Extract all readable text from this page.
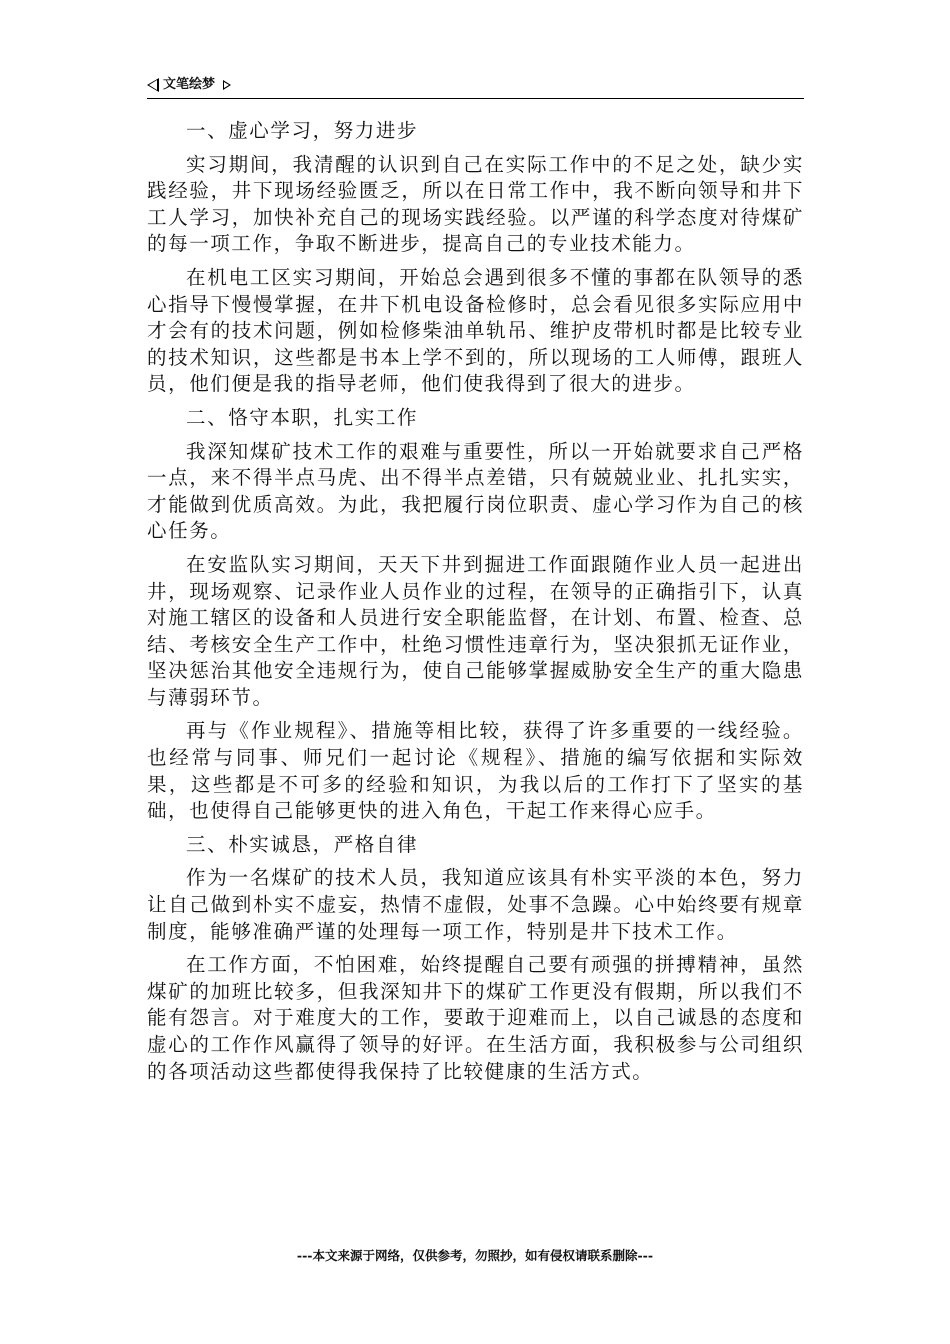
文笔绘梦

一、虚心学习，努力进步

实习期间，我清醒的认识到自己在实际工作中的不足之处，缺少实践经验，井下现场经验匮乏，所以在日常工作中，我不断向领导和井下工人学习，加快补充自己的现场实践经验。以严谨的科学态度对待煤矿的每一项工作，争取不断进步，提高自己的专业技术能力。

在机电工区实习期间，开始总会遇到很多不懂的事都在队领导的悉心指导下慢慢掌握，在井下机电设备检修时，总会看见很多实际应用中才会有的技术问题，例如检修柴油单轨吊、维护皮带机时都是比较专业的技术知识，这些都是书本上学不到的，所以现场的工人师傅，跟班人员，他们便是我的指导老师，他们使我得到了很大的进步。

二、恪守本职，扎实工作

我深知煤矿技术工作的艰难与重要性，所以一开始就要求自己严格一点，来不得半点马虎、出不得半点差错，只有兢兢业业、扎扎实实，才能做到优质高效。为此，我把履行岗位职责、虚心学习作为自己的核心任务。

在安监队实习期间，天天下井到掘进工作面跟随作业人员一起进出井，现场观察、记录作业人员作业的过程，在领导的正确指引下，认真对施工辖区的设备和人员进行安全职能监督，在计划、布置、检查、总结、考核安全生产工作中，杜绝习惯性违章行为，坚决狠抓无证作业，坚决惩治其他安全违规行为，使自己能够掌握威胁安全生产的重大隐患与薄弱环节。

再与《作业规程》、措施等相比较，获得了许多重要的一线经验。也经常与同事、师兄们一起讨论《规程》、措施的编写依据和实际效果，这些都是不可多的经验和知识，为我以后的工作打下了坚实的基础，也使得自己能够更快的进入角色，干起工作来得心应手。

三、朴实诚恳，严格自律

作为一名煤矿的技术人员，我知道应该具有朴实平淡的本色，努力让自己做到朴实不虚妄，热情不虚假，处事不急躁。心中始终要有规章制度，能够准确严谨的处理每一项工作，特别是井下技术工作。

在工作方面，不怕困难，始终提醒自己要有顽强的拼搏精神，虽然煤矿的加班比较多，但我深知井下的煤矿工作更没有假期，所以我们不能有怨言。对于难度大的工作，要敢于迎难而上，以自己诚恳的态度和虚心的工作作风赢得了领导的好评。在生活方面，我积极参与公司组织的各项活动这些都使得我保持了比较健康的生活方式。

---本文来源于网络，仅供参考，勿照抄，如有侵权请联系删除---
